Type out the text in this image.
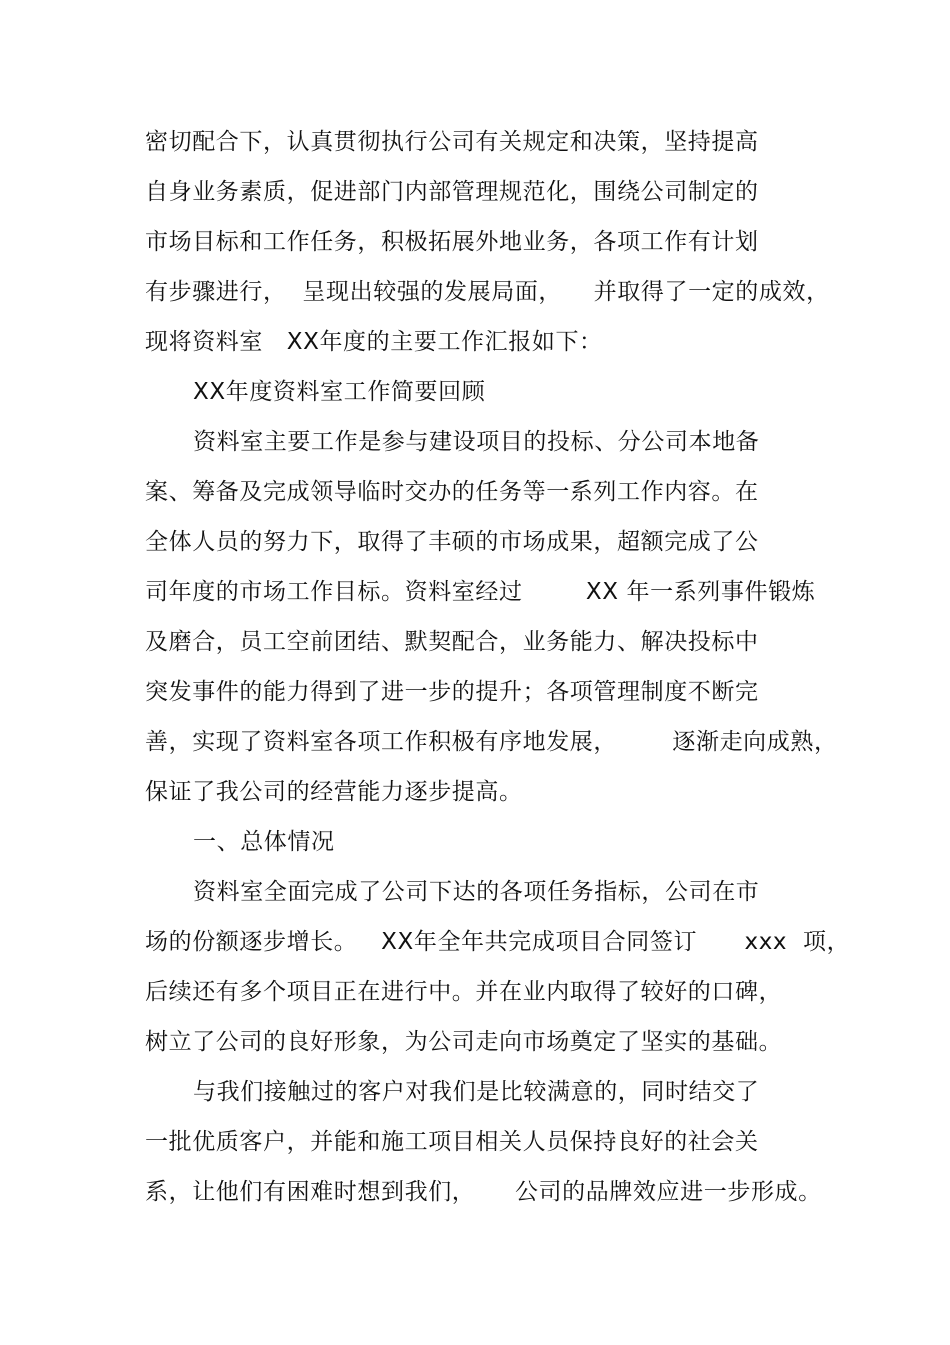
密切配合下，认真贯彻执行公司有关规定和决策，坚持提高
自身业务素质，促进部门内部管理规范化，围绕公司制定的
市场目标和工作任务，积极拓展外地业务，各项工作有计划
有步骤进行，  呈现出较强的发展局面，    并取得了一定的成效，
现将资料室   XX年度的主要工作汇报如下：
XX年度资料室工作简要回顾
资料室主要工作是参与建设项目的投标、分公司本地备
案、筹备及完成领导临时交办的任务等一系列工作内容。在
全体人员的努力下，取得了丰硕的市场成果，超额完成了公
司年度的市场工作目标。资料室经过        XX 年一系列事件锻炼
及磨合，员工空前团结、默契配合，业务能力、解决投标中
突发事件的能力得到了进一步的提升；各项管理制度不断完
善，实现了资料室各项工作积极有序地发展，       逐渐走向成熟，
保证了我公司的经营能力逐步提高。
一、总体情况
资料室全面完成了公司下达的各项任务指标，公司在市
场的份额逐步增长。   XX年全年共完成项目合同签订      xxx  项，
后续还有多个项目正在进行中。并在业内取得了较好的口碑，
树立了公司的良好形象，为公司走向市场奠定了坚实的基础。
与我们接触过的客户对我们是比较满意的，同时结交了
一批优质客户，并能和施工项目相关人员保持良好的社会关
系，让他们有困难时想到我们，     公司的品牌效应进一步形成。
